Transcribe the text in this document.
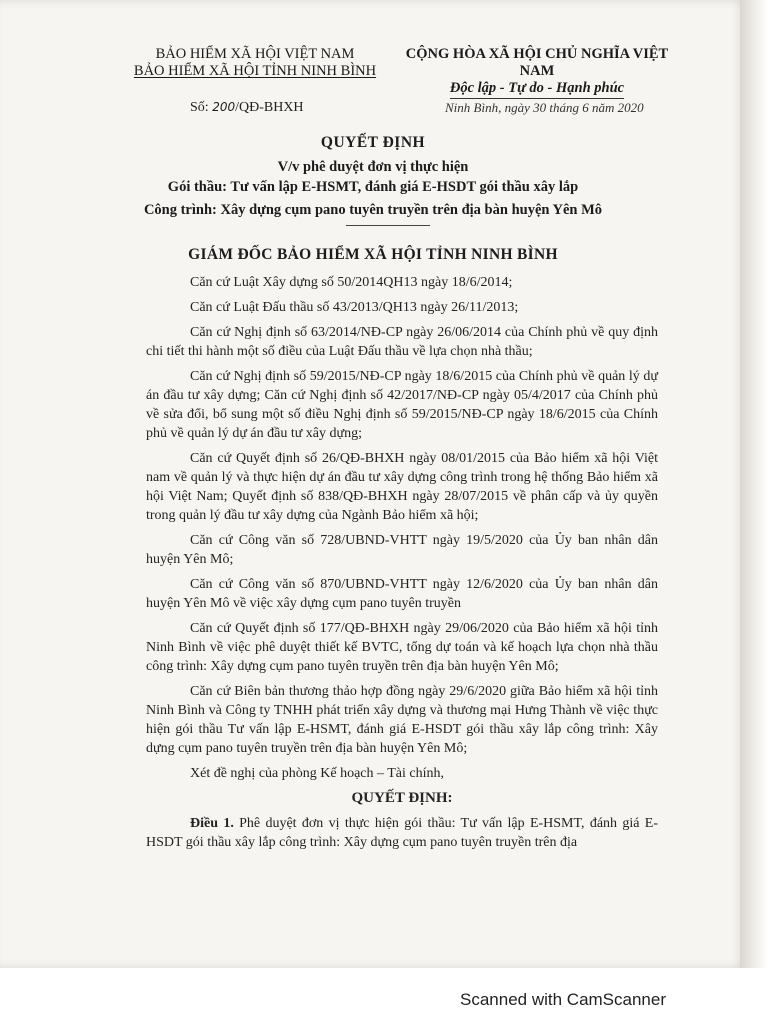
BẢO HIỂM XÃ HỘI VIỆT NAM
BẢO HIỂM XÃ HỘI TỈNH NINH BÌNH
CỘNG HÒA XÃ HỘI CHỦ NGHĨA VIỆT NAM
Độc lập - Tự do - Hạnh phúc
Số: 200/QĐ-BHXH	Ninh Bình, ngày 30 tháng 6 năm 2020
QUYẾT ĐỊNH
V/v phê duyệt đơn vị thực hiện
Gói thầu: Tư vấn lập E-HSMT, đánh giá E-HSDT gói thầu xây lắp
Công trình: Xây dựng cụm pano tuyên truyền trên địa bàn huyện Yên Mô
GIÁM ĐỐC BẢO HIỂM XÃ HỘI TỈNH NINH BÌNH

Căn cứ Luật Xây dựng số 50/2014QH13 ngày 18/6/2014;

Căn cứ Luật Đấu thầu số 43/2013/QH13 ngày 26/11/2013;

Căn cứ Nghị định số 63/2014/NĐ-CP ngày 26/06/2014 của Chính phủ về quy định chi tiết thi hành một số điều của Luật Đấu thầu về lựa chọn nhà thầu;

Căn cứ Nghị định số 59/2015/NĐ-CP ngày 18/6/2015 của Chính phủ về quản lý dự án đầu tư xây dựng; Căn cứ Nghị định số 42/2017/NĐ-CP ngày 05/4/2017 của Chính phủ về sửa đổi, bổ sung một số điều Nghị định số 59/2015/NĐ-CP ngày 18/6/2015 của Chính phủ về quản lý dự án đầu tư xây dựng;

Căn cứ Quyết định số 26/QĐ-BHXH ngày 08/01/2015 của Bảo hiểm xã hội Việt nam về quản lý và thực hiện dự án đầu tư xây dựng công trình trong hệ thống Bảo hiểm xã hội Việt Nam; Quyết định số 838/QĐ-BHXH ngày 28/07/2015 về phân cấp và ủy quyền trong quản lý đầu tư xây dựng của Ngành Bảo hiểm xã hội;

Căn cứ Công văn số 728/UBND-VHTT ngày 19/5/2020 của Ủy ban nhân dân huyện Yên Mô;

Căn cứ Công văn số 870/UBND-VHTT ngày 12/6/2020 của Ủy ban nhân dân huyện Yên Mô về việc xây dựng cụm pano tuyên truyền

Căn cứ Quyết định số 177/QĐ-BHXH ngày 29/06/2020 của Bảo hiểm xã hội tỉnh Ninh Bình về việc phê duyệt thiết kế BVTC, tổng dự toán và kế hoạch lựa chọn nhà thầu công trình: Xây dựng cụm pano tuyên truyền trên địa bàn huyện Yên Mô;

Căn cứ Biên bản thương thảo hợp đồng ngày 29/6/2020 giữa Bảo hiểm xã hội tỉnh Ninh Bình và Công ty TNHH phát triển xây dựng và thương mại Hưng Thành về việc thực hiện gói thầu Tư vấn lập E-HSMT, đánh giá E-HSDT gói thầu xây lắp công trình: Xây dựng cụm pano tuyên truyền trên địa bàn huyện Yên Mô;

Xét đề nghị của phòng Kế hoạch – Tài chính,

QUYẾT ĐỊNH:

Điều 1. Phê duyệt đơn vị thực hiện gói thầu: Tư vấn lập E-HSMT, đánh giá E-HSDT gói thầu xây lắp công trình: Xây dựng cụm pano tuyên truyền trên địa

Scanned with CamScanner
